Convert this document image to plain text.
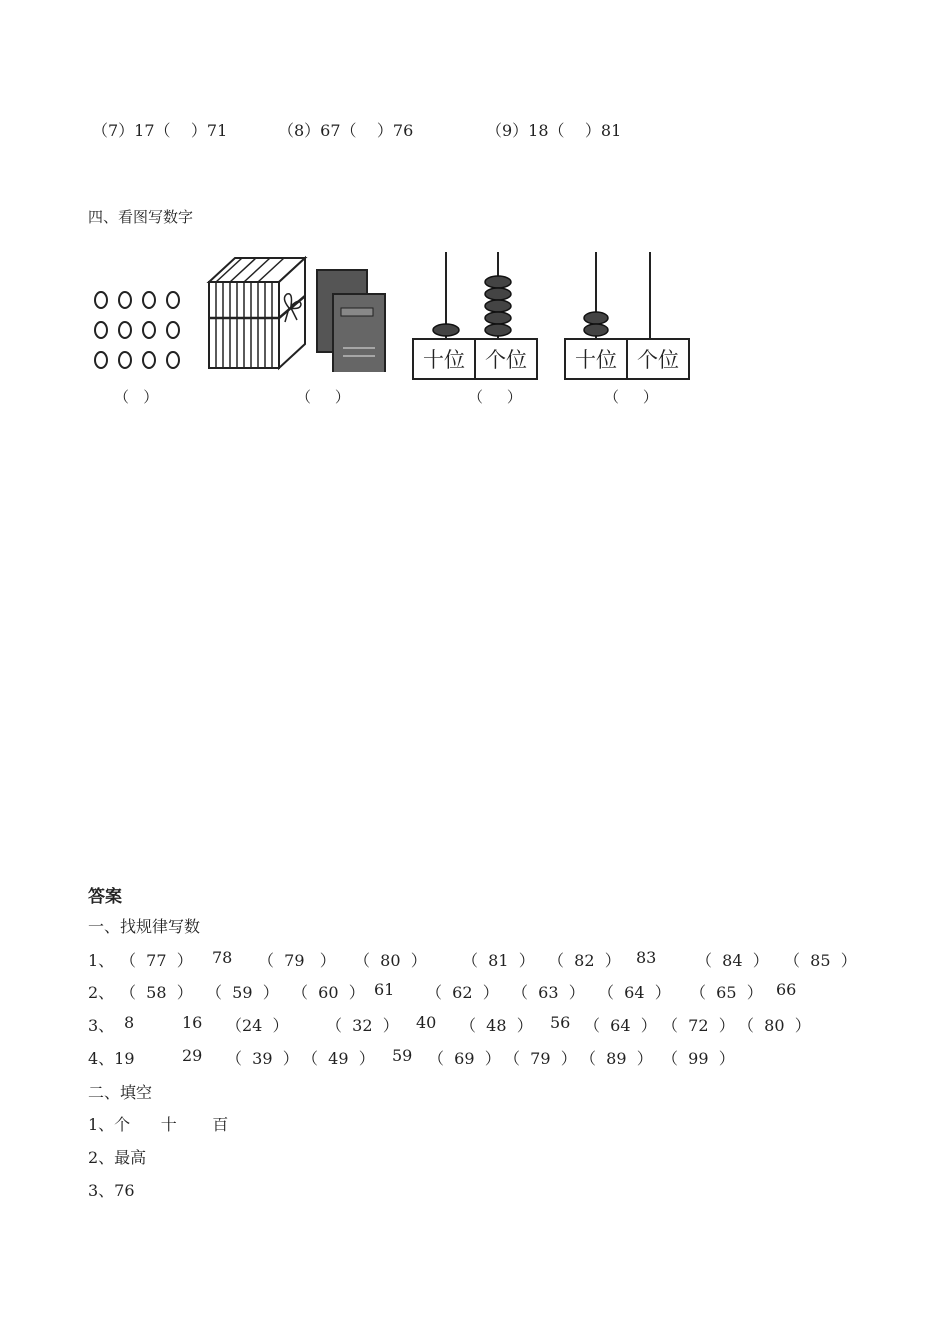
（7）17（    ）71	（8）67（    ）76	（9）18（    ）81
四、看图写数字
十位 个位	十位 个位
（   ）	（     ）	（     ）	（     ）
答案
一、找规律写数
1、 （  77  ） 78 （  79   ） （  80  ） （  81  ） （  82  ） 83 （  84  ） （  85  ）
2、 （  58  ） （  59  ） （  60  ） 61 （  62  ） （  63  ） （  64  ） （  65  ） 66
3、 8	16 （24  ） （  32  ） 40 （  48  ） 56 （  64  ） （  72  ） （  80  ）
4、19	29 （  39  ） （  49  ） 59 （  69  ） （  79  ） （  89  ） （  99  ）
二、填空
1、个      十       百
2、最高
3、76
